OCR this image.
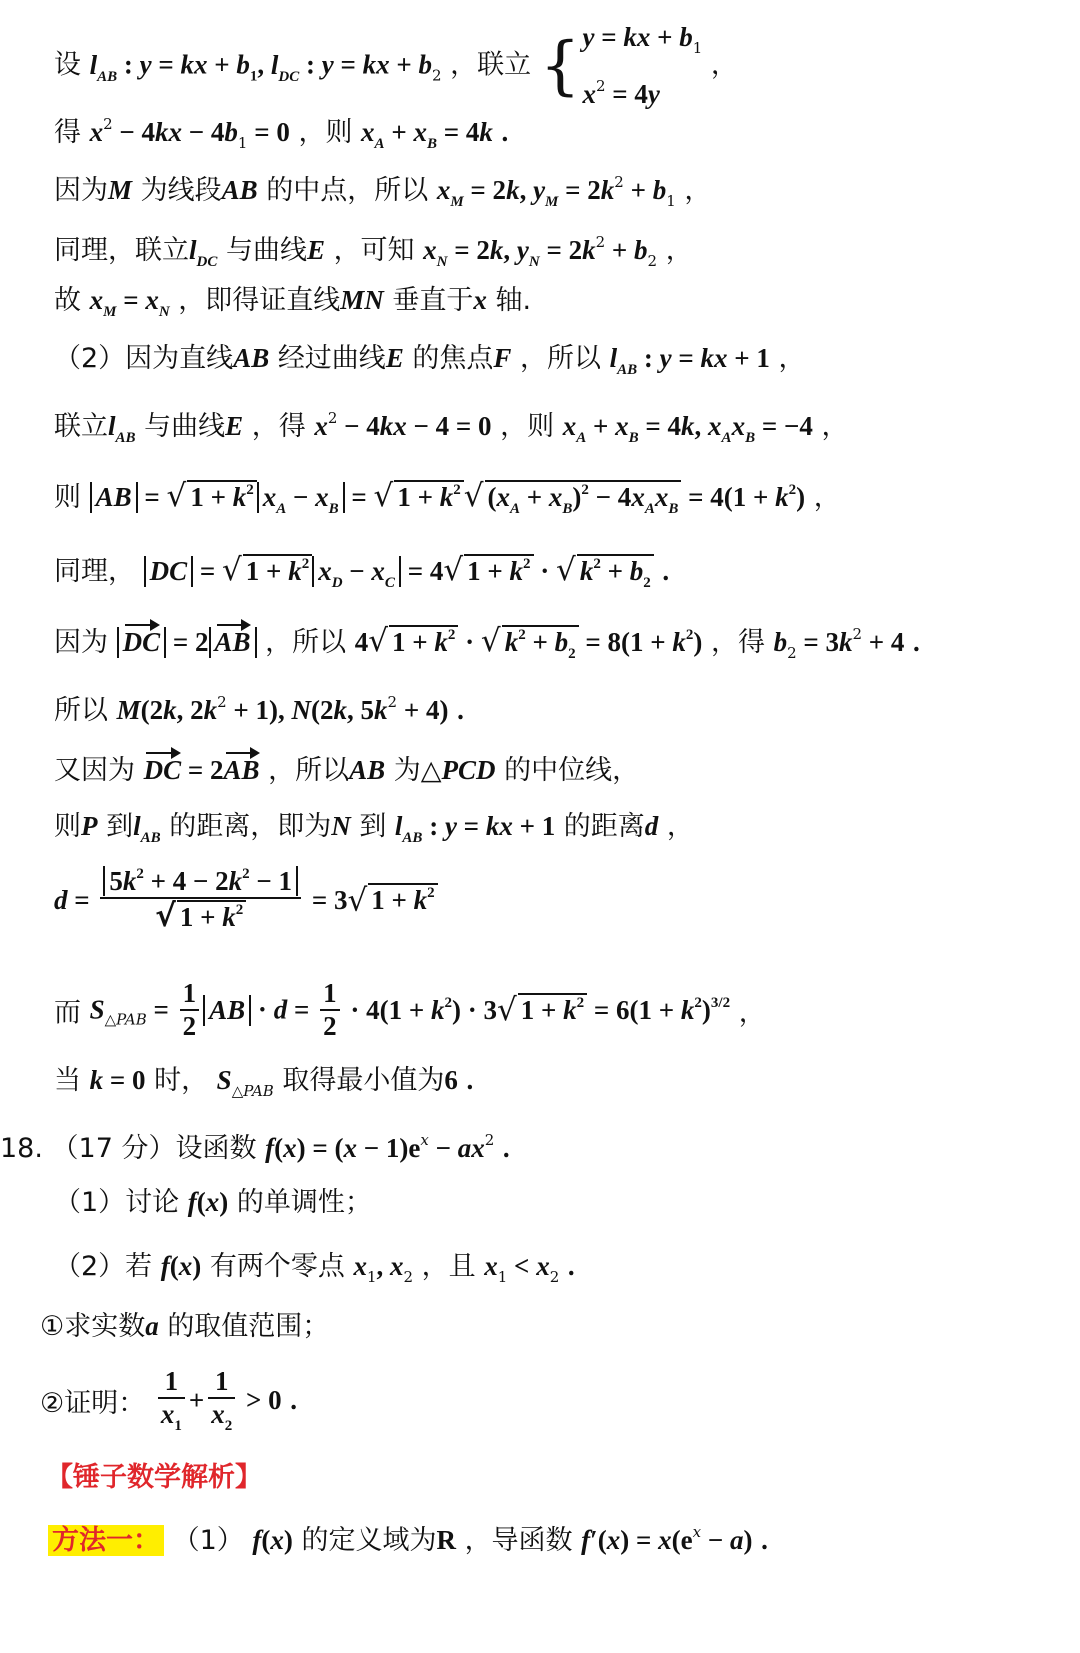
设 $l_{AB}$ : y = kx + $b_1$, $l_{DC}$ : y = kx + $b_2$ ，联立 { y = kx + $b_1$
$x^2 = 4y$
，
得 $x^2 - 4kx - 4b_1 = 0$ ，则 $x_A + x_B = 4k$ .
因为M 为线段AB 的中点，所以 $x_M = 2k$, $y_M = 2k^2 + b_1$ ，
同理，联立$l_{DC}$ 与曲线E ，可知 $x_N = 2k$, $y_N = 2k^2 + b_2$ ，
故 $x_M = x_N$ ，即得证直线MN 垂直于x 轴.
（2）因为直线AB 经过曲线E 的焦点F ，所以 $l_{AB}$ : y = kx + 1 ，
联立$l_{AB}$ 与曲线E ，得 $x^2 - 4kx - 4 = 0$ ，则 $x_A + x_B = 4k$, $x_Ax_B = -4$ ，
则 AB = √ $1 + k^2$ $x_A - x_B$ = √ $1 + k^2√$ $(x_A + x_B)^2 - 4x_Ax_B = 4(1 + k^2)$ ，
同理， DC = √ $1 + k^2$ $x_D - x_C = 4√$ $1 + k^2$ · √ $k^2 + b_2$ .
因为 DC = 2 AB ，所以 4√ $1 + k^2$ · √ $k^2 + b_2 = 8(1 + k^2)$ ，得 $b_2 = 3k^2 + 4$ .
所以 M(2k, $2k^2 + 1$), N(2k, $5k^2 + 4$) .
又因为 DC = 2AB ，所以AB 为△PCD 的中位线，
则P 到$l_{AB}$ 的距离，即为N 到 $l_{AB}$ : y = kx + 1 的距离d ，
$d = \frac{5k^2 + 4 - 2k^2 - 1}{√ 1 + k^2} = 3√$ $1 + k^2$
而 $S_{\triangle PAB} = \frac{1}{2}$ AB · $d = \frac{1}{2} \cdot 4(1 + k^2) \cdot 3√$ $1 + k^2 = 6(1 + k^2)^{3/2}$ ，
当 k = 0 时， $S_{\triangle PAB}$ 取得最小值为6 .
18. （17 分）设函数 $f(x) = (x - 1)e^x - ax^2$ .
（1）讨论 f(x) 的单调性；
（2）若 f(x) 有两个零点 $x_1$, $x_2$ ，且 $x_1 < x_2$ .
①求实数a 的取值范围；
②证明： $\frac{1}{x_1} + \frac{1}{x_2} > 0$ .
【锤子数学解析】
方法一： （1） f(x) 的定义域为R ，导函数 $f'(x) = x(e^x - a)$ .
